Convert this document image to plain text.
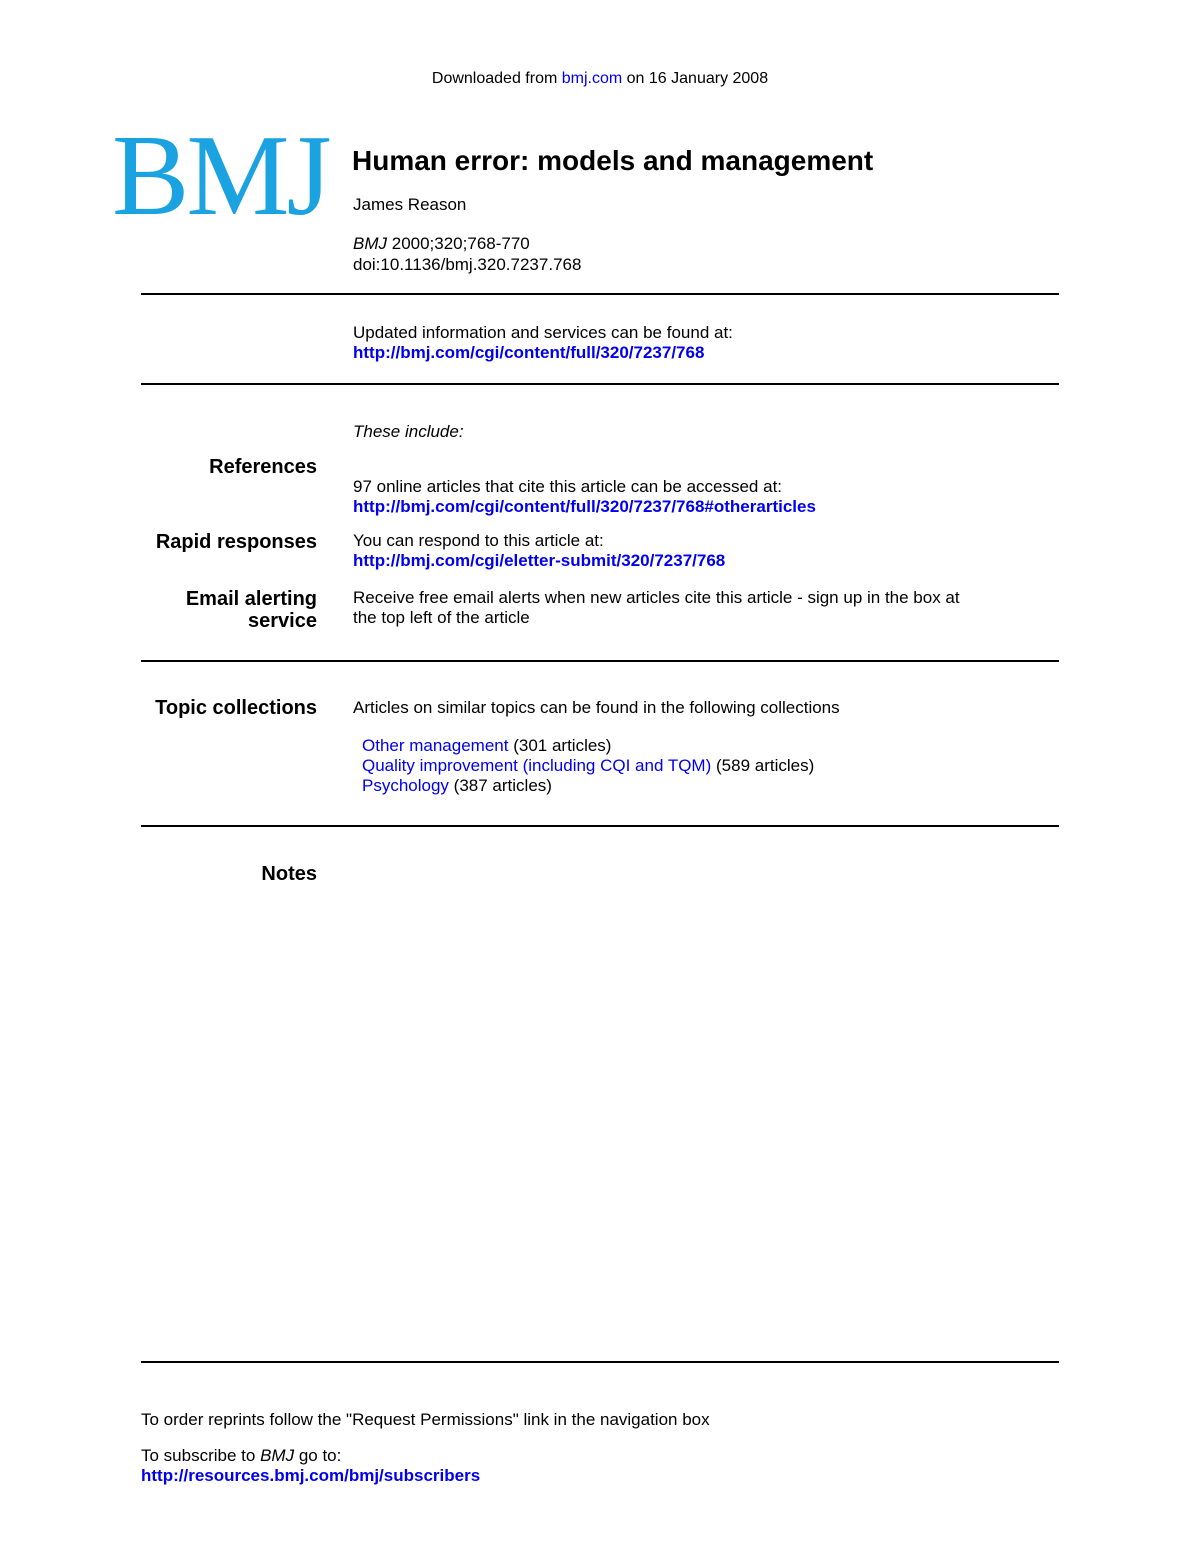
Downloaded from bmj.com on 16 January 2008
BMJ Human error: models and management
James Reason
BMJ 2000;320;768-770
doi:10.1136/bmj.320.7237.768
Updated information and services can be found at:
http://bmj.com/cgi/content/full/320/7237/768
These include:
References
97 online articles that cite this article can be accessed at:
http://bmj.com/cgi/content/full/320/7237/768#otherarticles
Rapid responses You can respond to this article at:
http://bmj.com/cgi/eletter-submit/320/7237/768
Email alerting
service
Receive free email alerts when new articles cite this article - sign up in the box at
the top left of the article
Topic collections Articles on similar topics can be found in the following collections
Other management (301 articles)
Quality improvement (including CQI and TQM) (589 articles)
Psychology (387 articles)
Notes
To order reprints follow the "Request Permissions" link in the navigation box
To subscribe to BMJ go to:
http://resources.bmj.com/bmj/subscribers
